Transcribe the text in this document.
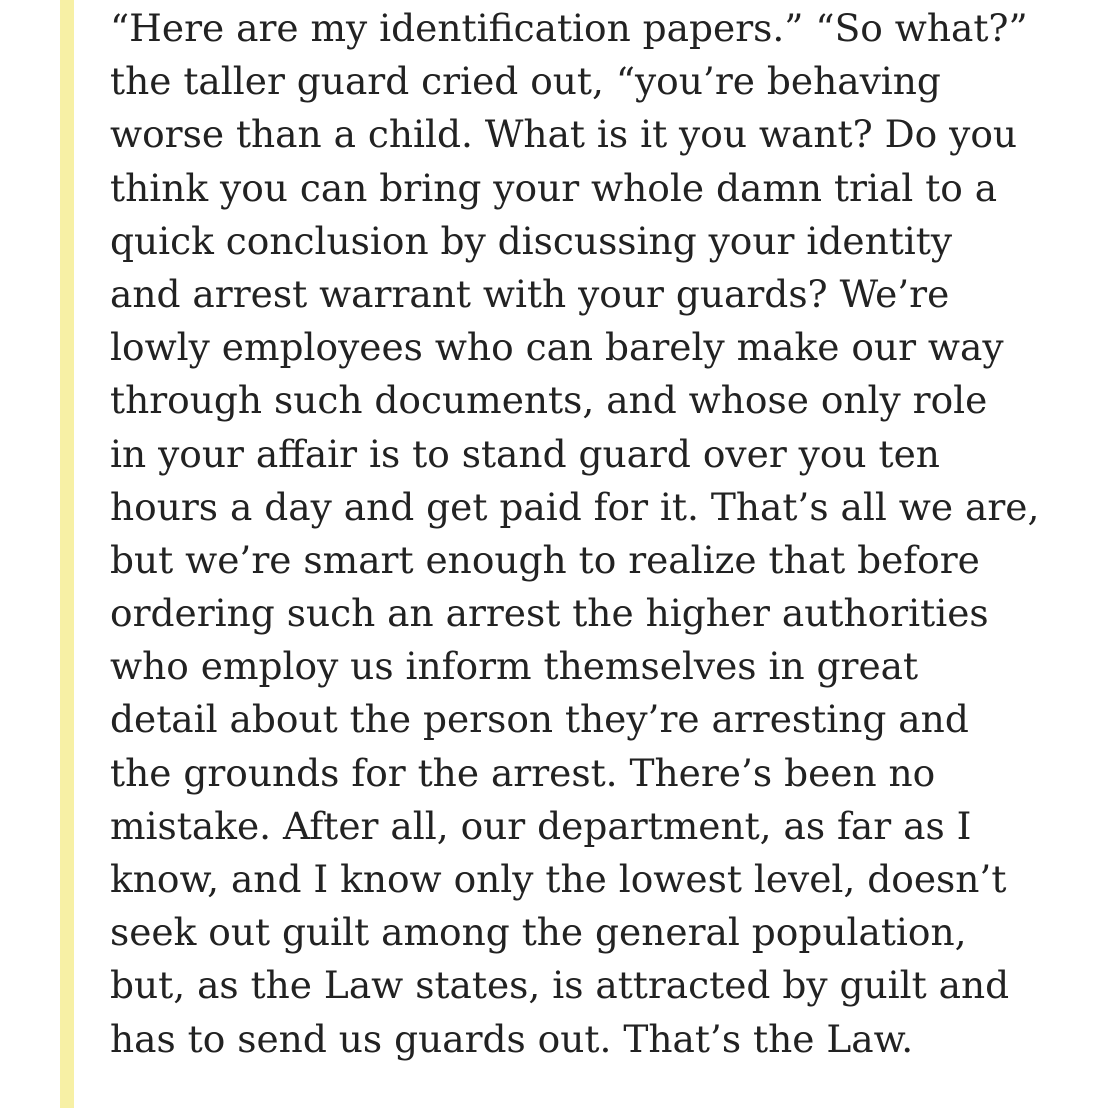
“Here are my identification papers.” “So what?”
the taller guard cried out, “you’re behaving
worse than a child. What is it you want? Do you
think you can bring your whole damn trial to a
quick conclusion by discussing your identity
and arrest warrant with your guards? We’re
lowly employees who can barely make our way
through such documents, and whose only role
in your affair is to stand guard over you ten
hours a day and get paid for it. That’s all we are,
but we’re smart enough to realize that before
ordering such an arrest the higher authorities
who employ us inform themselves in great
detail about the person they’re arresting and
the grounds for the arrest. There’s been no
mistake. After all, our department, as far as I
know, and I know only the lowest level, doesn’t
seek out guilt among the general population,
but, as the Law states, is attracted by guilt and
has to send us guards out. That’s the Law.
